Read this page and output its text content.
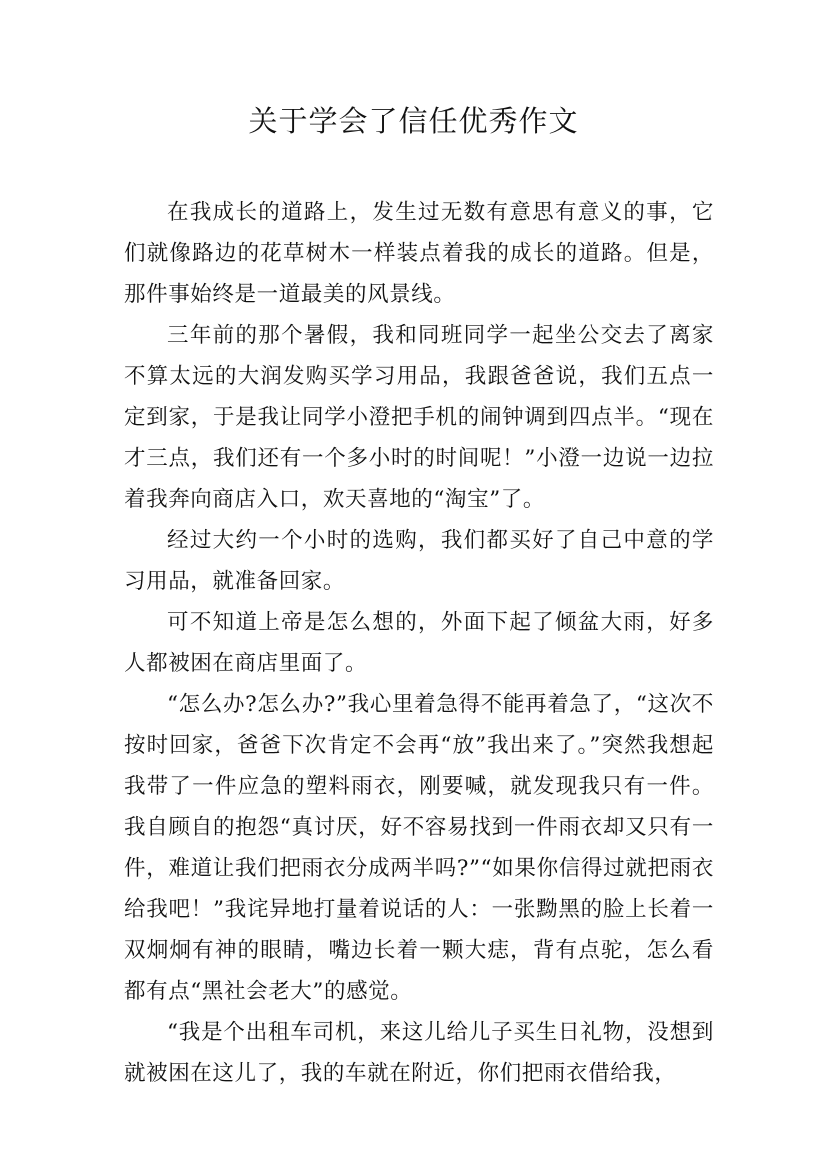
关于学会了信任优秀作文

在我成长的道路上，发生过无数有意思有意义的事，它们就像路边的花草树木一样装点着我的成长的道路。但是，那件事始终是一道最美的风景线。

三年前的那个暑假，我和同班同学一起坐公交去了离家不算太远的大润发购买学习用品，我跟爸爸说，我们五点一定到家，于是我让同学小澄把手机的闹钟调到四点半。“现在才三点，我们还有一个多小时的时间呢！”小澄一边说一边拉着我奔向商店入口，欢天喜地的“淘宝”了。

经过大约一个小时的选购，我们都买好了自己中意的学习用品，就准备回家。

可不知道上帝是怎么想的，外面下起了倾盆大雨，好多人都被困在商店里面了。

“怎么办?怎么办?”我心里着急得不能再着急了，“这次不按时回家，爸爸下次肯定不会再“放”我出来了。”突然我想起我带了一件应急的塑料雨衣，刚要喊，就发现我只有一件。我自顾自的抱怨“真讨厌，好不容易找到一件雨衣却又只有一件，难道让我们把雨衣分成两半吗?”“如果你信得过就把雨衣给我吧！”我诧异地打量着说话的人：一张黝黑的脸上长着一双炯炯有神的眼睛，嘴边长着一颗大痣，背有点驼，怎么看都有点“黑社会老大”的感觉。

“我是个出租车司机，来这儿给儿子买生日礼物，没想到就被困在这儿了，我的车就在附近，你们把雨衣借给我，
